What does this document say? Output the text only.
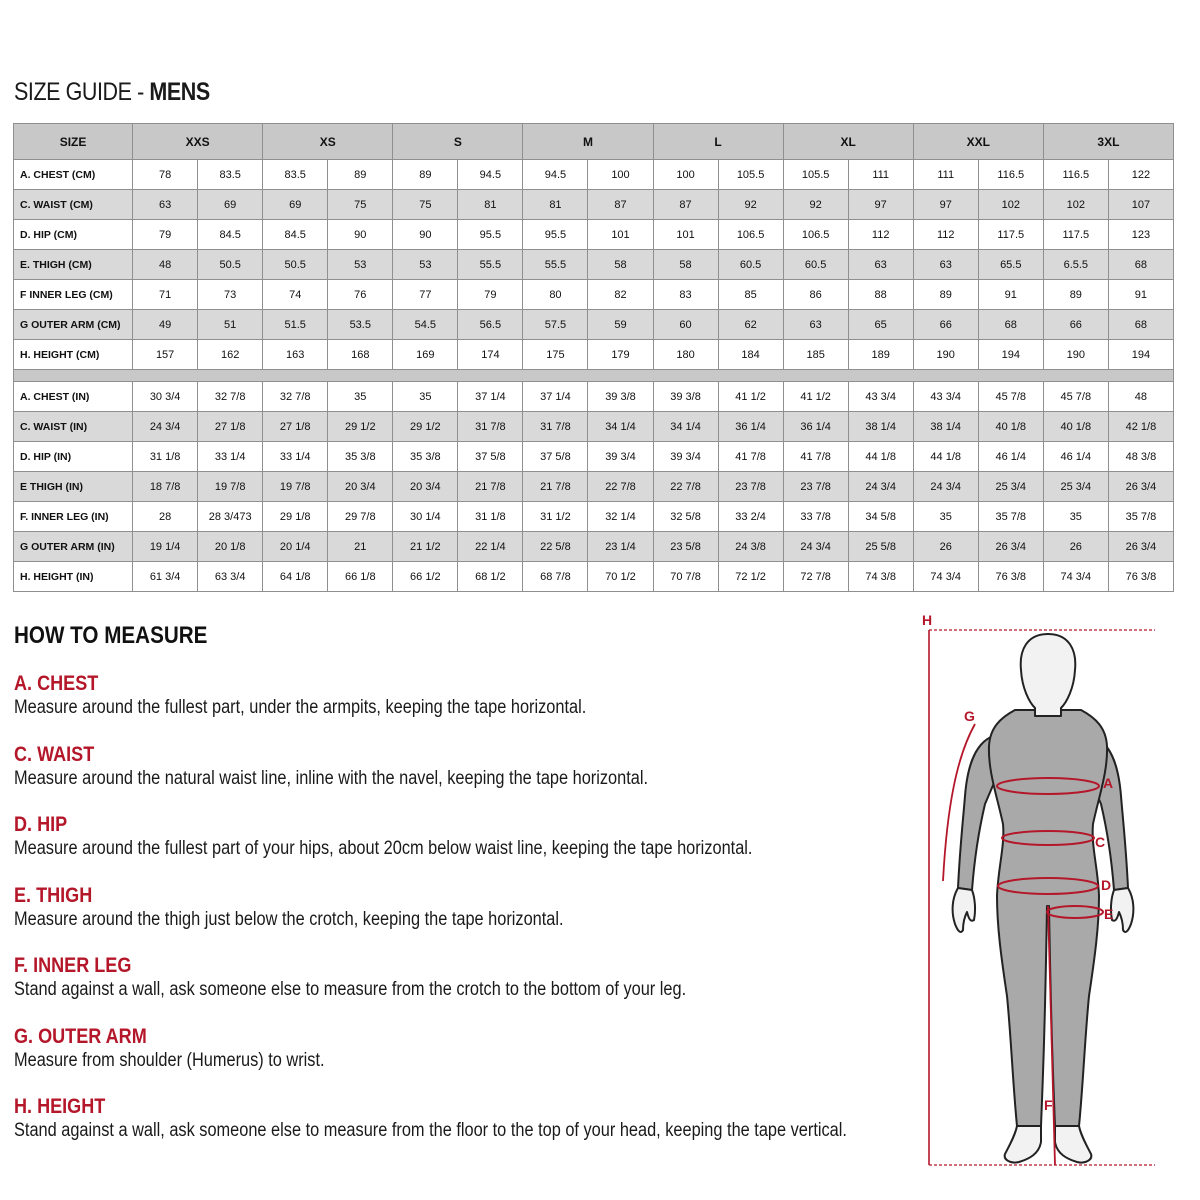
SIZE GUIDE - MENS
SIZE	XXS		XS		S		M		L		XL		XXL		3XL	
A. CHEST (CM)	78	83.5	83.5	89	89	94.5	94.5	100	100	105.5	105.5	111	111	116.5	116.5	122
C. WAIST (CM)	63	69	69	75	75	81	81	87	87	92	92	97	97	102	102	107
D. HIP (CM)	79	84.5	84.5	90	90	95.5	95.5	101	101	106.5	106.5	112	112	117.5	117.5	123
E. THIGH (CM)	48	50.5	50.5	53	53	55.5	55.5	58	58	60.5	60.5	63	63	65.5	6.5.5	68
F INNER LEG (CM)	71	73	74	76	77	79	80	82	83	85	86	88	89	91	89	91
G OUTER ARM (CM)	49	51	51.5	53.5	54.5	56.5	57.5	59	60	62	63	65	66	68	66	68
H. HEIGHT (CM)	157	162	163	168	169	174	175	179	180	184	185	189	190	194	190	194

A. CHEST (IN)	30 3/4	32 7/8	32 7/8	35	35	37 1/4	37 1/4	39 3/8	39 3/8	41 1/2	41 1/2	43 3/4	43 3/4	45 7/8	45 7/8	48
C. WAIST (IN)	24 3/4	27 1/8	27 1/8	29 1/2	29 1/2	31 7/8	31 7/8	34 1/4	34 1/4	36 1/4	36 1/4	38 1/4	38 1/4	40 1/8	40 1/8	42 1/8
D. HIP (IN)	31 1/8	33 1/4	33 1/4	35 3/8	35 3/8	37 5/8	37 5/8	39 3/4	39 3/4	41 7/8	41 7/8	44 1/8	44 1/8	46 1/4	46 1/4	48 3/8
E THIGH (IN)	18 7/8	19 7/8	19 7/8	20 3/4	20 3/4	21 7/8	21 7/8	22 7/8	22 7/8	23 7/8	23 7/8	24 3/4	24 3/4	25 3/4	25 3/4	26 3/4
F. INNER LEG (IN)	28	28 3/473	29 1/8	29 7/8	30 1/4	31 1/8	31 1/2	32 1/4	32 5/8	33 2/4	33 7/8	34 5/8	35	35 7/8	35	35 7/8
G OUTER ARM (IN)	19 1/4	20 1/8	20 1/4	21	21 1/2	22 1/4	22 5/8	23 1/4	23 5/8	24 3/8	24 3/4	25 5/8	26	26 3/4	26	26 3/4
H. HEIGHT (IN)	61 3/4	63 3/4	64 1/8	66 1/8	66 1/2	68 1/2	68 7/8	70 1/2	70 7/8	72 1/2	72 7/8	74 3/8	74 3/4	76 3/8	74 3/4	76 3/8
HOW TO MEASURE
A. CHEST
Measure around the fullest part, under the armpits, keeping the tape horizontal.
C. WAIST
Measure around the natural waist line, inline with the navel, keeping the tape horizontal.
D. HIP
Measure around the fullest part of your hips, about 20cm below waist line, keeping the tape horizontal.
E. THIGH
Measure around the thigh just below the crotch, keeping the tape horizontal.
F. INNER LEG
Stand against a wall, ask someone else to measure from the crotch to the bottom of your leg.
G. OUTER ARM
Measure from shoulder (Humerus) to wrist.
H. HEIGHT
Stand against a wall, ask someone else to measure from the floor to the top of your head, keeping the tape vertical.
H
G
A
C
D
E
F
